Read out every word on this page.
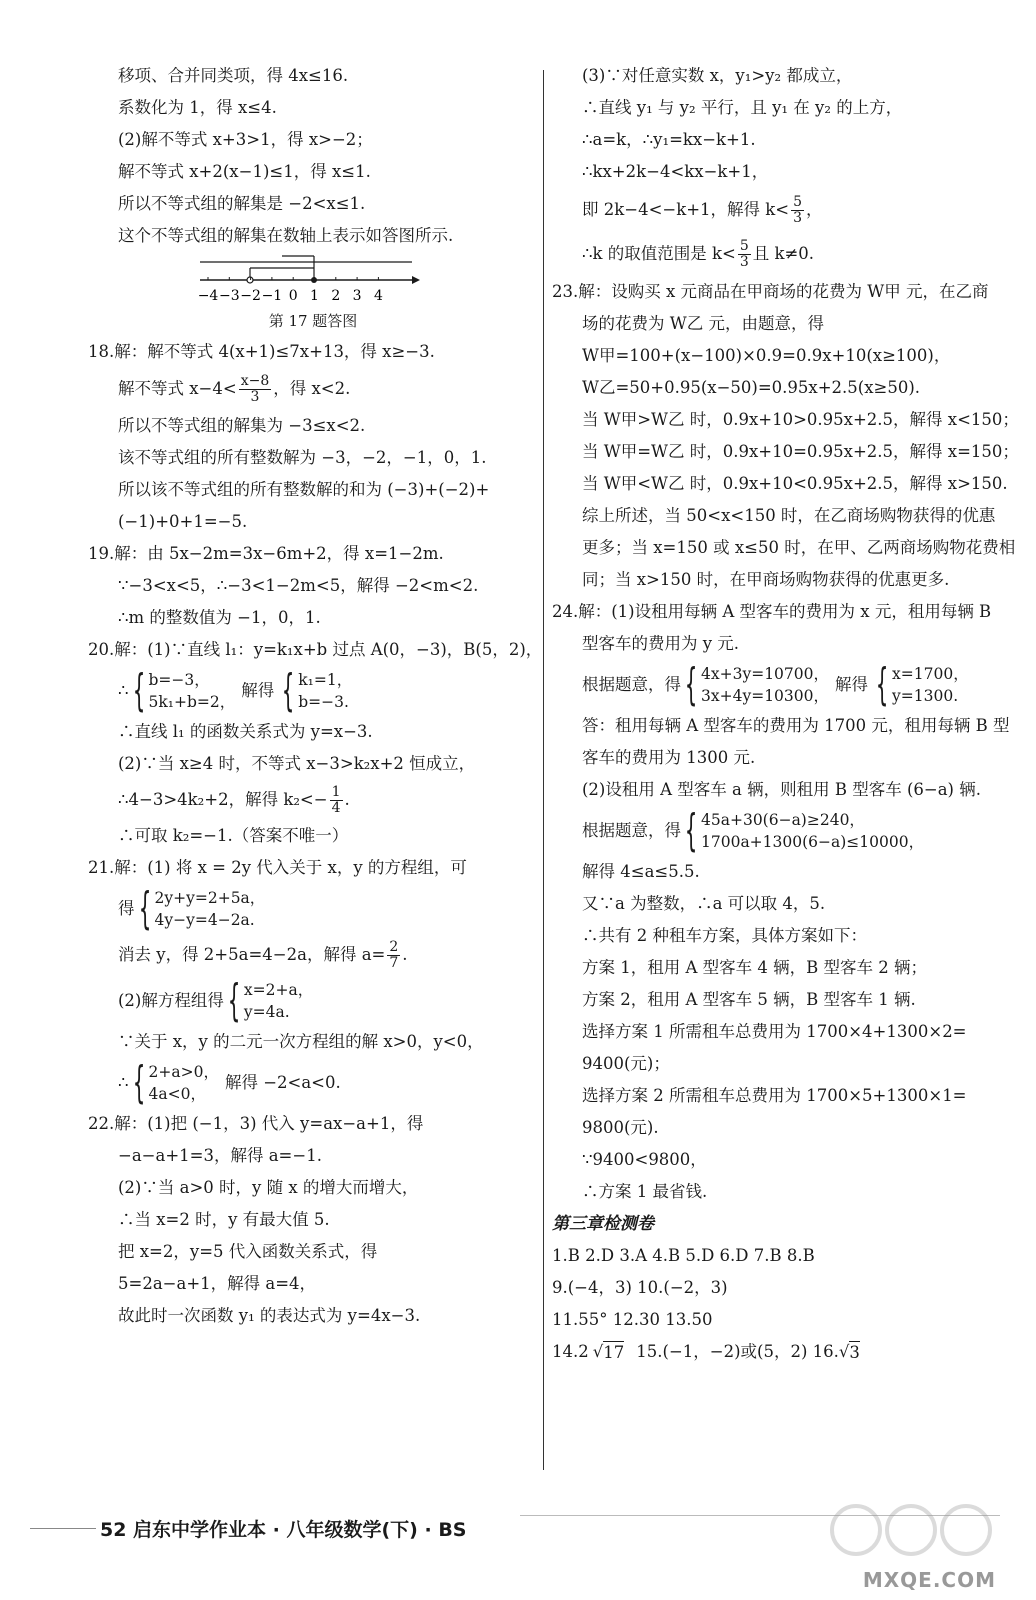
移项、合并同类项，得 4x≤16.
系数化为 1，得 x≤4.
(2)解不等式 x+3>1，得 x>−2；
解不等式 x+2(x−1)≤1，得 x≤1.
所以不等式组的解集是 −2<x≤1.
这个不等式组的解集在数轴上表示如答图所示.
−4 −3 −2 −1 0 1 2 3 4
第 17 题答图
18.解：解不等式 4(x+1)≤7x+13，得 x≥−3.
解不等式 $x-4< \frac{x-8}{3}$ ，得 x<2.
所以不等式组的解集为 −3≤x<2.
该不等式组的所有整数解为 −3，−2，−1，0，1.
所以该不等式组的所有整数解的和为 (−3)+(−2)+
(−1)+0+1=−5.
19.解：由 5x−2m=3x−6m+2，得 x=1−2m.
∵−3<x<5，∴−3<1−2m<5，解得 −2<m<2.
∴m 的整数值为 −1，0，1.
20.解：(1)∵直线 l₁：y=k₁x+b 过点 A(0，−3)，B(5，2)，
∴ { b=−3，
5k₁+b=2，
解得 { k₁=1，
b=−3.
∴直线 l₁ 的函数关系式为 y=x−3.
(2)∵当 x≥4 时，不等式 x−3>k₂x+2 恒成立，
∴4−3>4k₂+2，解得 $k_2<- \frac{1}{4}$ .
∴可取 k₂=−1.（答案不唯一）
21.解：(1) 将 x = 2y 代入关于 x，y 的方程组，可
得 { 2y+y=2+5a，
4y−y=4−2a.
消去 y，得 2+5a=4−2a，解得 $a= \frac{2}{7}$ .
(2)解方程组得 { x=2+a，
y=4a.
∵关于 x，y 的二元一次方程组的解 x>0，y<0，
∴ { 2+a>0，
4a<0，
解得 −2<a<0.
22.解：(1)把 (−1，3) 代入 y=ax−a+1，得
−a−a+1=3，解得 a=−1.
(2)∵当 a>0 时，y 随 x 的增大而增大，
∴当 x=2 时，y 有最大值 5.
把 x=2，y=5 代入函数关系式，得
5=2a−a+1，解得 a=4，
故此时一次函数 y₁ 的表达式为 y=4x−3.
(3)∵对任意实数 x，y₁>y₂ 都成立，
∴直线 y₁ 与 y₂ 平行，且 y₁ 在 y₂ 的上方，
∴a=k，∴y₁=kx−k+1.
∴kx+2k−4<kx−k+1，
即 2k−4<−k+1，解得 $k< \frac{5}{3}$ ，
∴k 的取值范围是 $k< \frac{5}{3}$ 且 k≠0.
23.解：设购买 x 元商品在甲商场的花费为 W甲 元，在乙商
场的花费为 W乙 元，由题意，得
W甲=100+(x−100)×0.9=0.9x+10(x≥100)，
W乙=50+0.95(x−50)=0.95x+2.5(x≥50).
当 W甲>W乙 时，0.9x+10>0.95x+2.5，解得 x<150；
当 W甲=W乙 时，0.9x+10=0.95x+2.5，解得 x=150；
当 W甲<W乙 时，0.9x+10<0.95x+2.5，解得 x>150.
综上所述，当 50<x<150 时，在乙商场购物获得的优惠
更多；当 x=150 或 x≤50 时，在甲、乙两商场购物花费相
同；当 x>150 时，在甲商场购物获得的优惠更多.
24.解：(1)设租用每辆 A 型客车的费用为 x 元，租用每辆 B
型客车的费用为 y 元.
根据题意，得 { 4x+3y=10700，
3x+4y=10300，
解得 { x=1700，
y=1300.
答：租用每辆 A 型客车的费用为 1700 元，租用每辆 B 型
客车的费用为 1300 元.
(2)设租用 A 型客车 a 辆，则租用 B 型客车 (6−a) 辆.
根据题意，得 { 45a+30(6−a)≥240，
1700a+1300(6−a)≤10000，
解得 4≤a≤5.5.
又∵a 为整数，∴a 可以取 4，5.
∴共有 2 种租车方案，具体方案如下：
方案 1，租用 A 型客车 4 辆，B 型客车 2 辆；
方案 2，租用 A 型客车 5 辆，B 型客车 1 辆.
选择方案 1 所需租车总费用为 1700×4+1300×2=
9400(元)；
选择方案 2 所需租车总费用为 1700×5+1300×1=
9800(元).
∵9400<9800，
∴方案 1 最省钱.
第三章检测卷
1.B 2.D 3.A 4.B 5.D 6.D 7.B 8.B
9.(−4，3) 10.(−2，3)
11.55° 12.30 13.50
14.2 √ 17 15.(−1，−2)或(5，2) 16. √ 3
52 启东中学作业本 · 八年级数学(下) · BS
MXQE.COM
